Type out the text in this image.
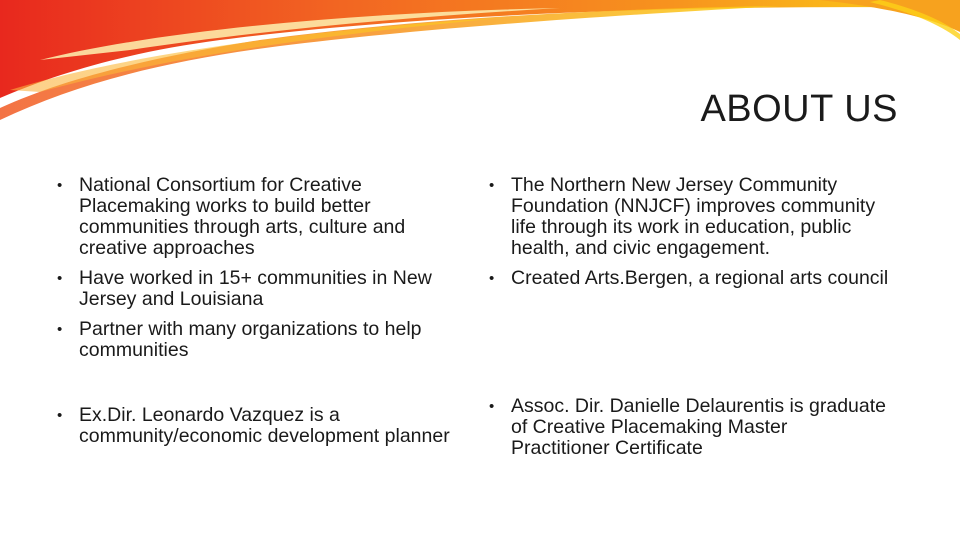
ABOUT US
• National Consortium for Creative Placemaking works to build better communities through arts, culture and creative approaches
• Have worked in 15+ communities in New Jersey and Louisiana
• Partner with many organizations to help communities
• The Northern New Jersey Community Foundation (NNJCF) improves community life through its work in education, public health, and civic engagement.
• Created Arts.Bergen, a regional arts council
• Ex.Dir. Leonardo Vazquez is a community/economic development planner
• Assoc. Dir. Danielle Delaurentis is graduate of Creative Placemaking Master Practitioner Certificate
